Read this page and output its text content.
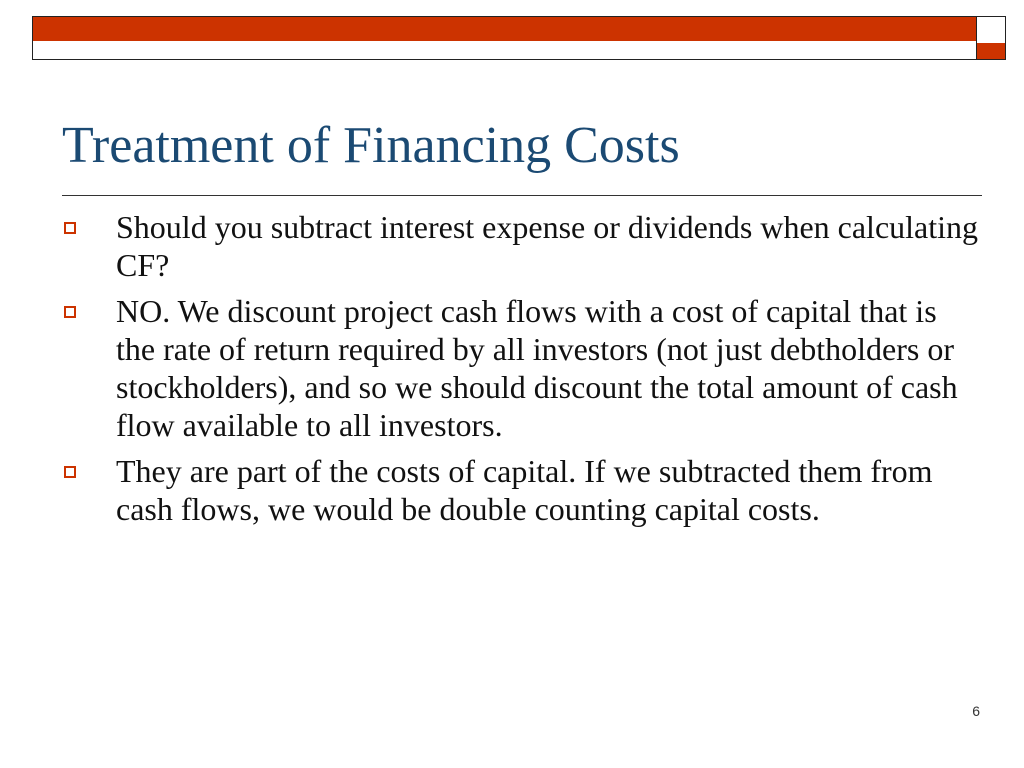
Treatment of Financing Costs
Should you subtract interest expense or dividends when calculating CF?
NO. We discount project cash flows with a cost of capital that is the rate of return required by all investors (not just debtholders or stockholders), and so we should discount the total amount of cash flow available to all investors.
They are part of the costs of capital. If we subtracted them from cash flows, we would be double counting capital costs.
6
